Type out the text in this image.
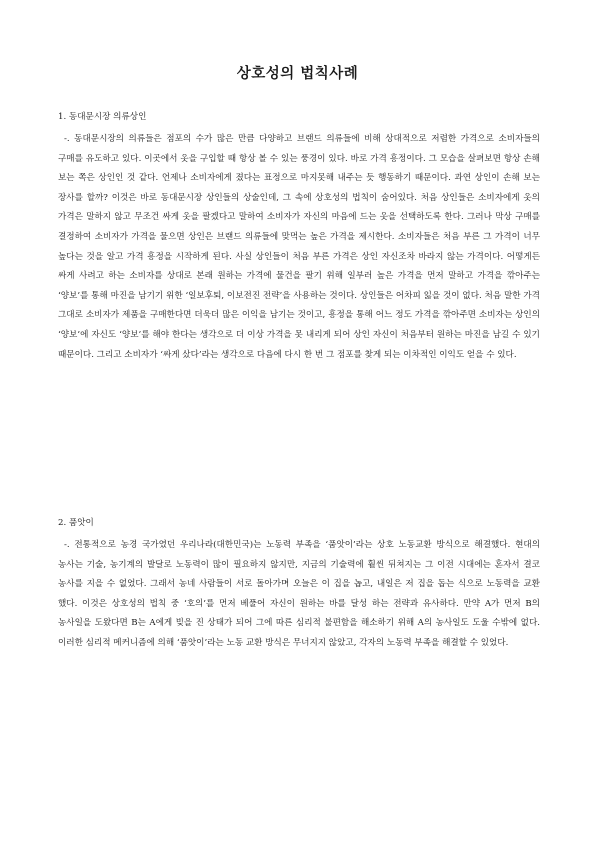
상호성의 법칙사례

1. 동대문시장 의류상인

-. 동대문시장의 의류들은 점포의 수가 많은 만큼 다양하고 브랜드 의류들에 비해 상대적으로 저렴한 가격으로 소비자들의 구매를 유도하고 있다. 이곳에서 옷을 구입할 때 항상 볼 수 있는 풍경이 있다. 바로 가격 흥정이다. 그 모습을 살펴보면 항상 손해 보는 쪽은 상인인 것 같다. 언제나 소비자에게 졌다는 표정으로 마지못해 내주는 듯 행동하기 때문이다. 과연 상인이 손해 보는 장사를 할까? 이것은 바로 동대문시장 상인들의 상술인데, 그 속에 상호성의 법칙이 숨어있다. 처음 상인들은 소비자에게 옷의 가격은 말하지 않고 무조건 싸게 옷을 팔겠다고 말하여 소비자가 자신의 마음에 드는 옷을 선택하도록 한다. 그러나 막상 구매를 결정하여 소비자가 가격을 물으면 상인은 브랜드 의류들에 맞먹는 높은 가격을 제시한다. 소비자들은 처음 부른 그 가격이 너무 높다는 것을 알고 가격 흥정을 시작하게 된다. 사실 상인들이 처음 부른 가격은 상인 자신조차 바라지 않는 가격이다. 어떻게든 싸게 사려고 하는 소비자를 상대로 본래 원하는 가격에 물건을 팔기 위해 일부러 높은 가격을 먼저 말하고 가격을 깎아주는 ‘양보’를 통해 마진을 남기기 위한 ‘일보후퇴, 이보전진 전략’을 사용하는 것이다. 상인들은 어차피 잃을 것이 없다. 처음 말한 가격 그대로 소비자가 제품을 구매한다면 더욱더 많은 이익을 남기는 것이고, 흥정을 통해 어느 정도 가격을 깎아주면 소비자는 상인의 ‘양보’에 자신도 ‘양보’를 해야 한다는 생각으로 더 이상 가격을 못 내리게 되어 상인 자신이 처음부터 원하는 마진을 남길 수 있기 때문이다. 그리고 소비자가 ‘싸게 샀다’라는 생각으로 다음에 다시 한 번 그 점포를 찾게 되는 이차적인 이익도 얻을 수 있다.

2. 품앗이

-. 전통적으로 농경 국가였던 우리나라(대한민국)는 노동력 부족을 ‘품앗이’라는 상호 노동교환 방식으로 해결했다. 현대의 농사는 기술, 농기계의 발달로 노동력이 많이 필요하지 않지만, 지금의 기술력에 훨씬 뒤쳐지는 그 이전 시대에는 혼자서 결코 농사를 지을 수 없었다. 그래서 농네 사람들이 서로 돌아가며 오늘은 이 집을 놉고, 내일은 저 집을 돕는 식으로 노동력을 교환 했다. 이것은 상호성의 법칙 중 ‘호의’를 먼저 베풀어 자신이 원하는 바를 달성 하는 전략과 유사하다. 만약 A가 먼저 B의 농사일을 도왔다면 B는 A에게 빚을 진 상태가 되어 그에 따른 심리적 불편함을 해소하기 위해 A의 농사일도 도울 수밖에 없다. 이러한 심리적 메커니즘에 의해 ‘품앗이’라는 노동 교환 방식은 무너지지 않았고, 각자의 노동력 부족을 해결할 수 있었다.
